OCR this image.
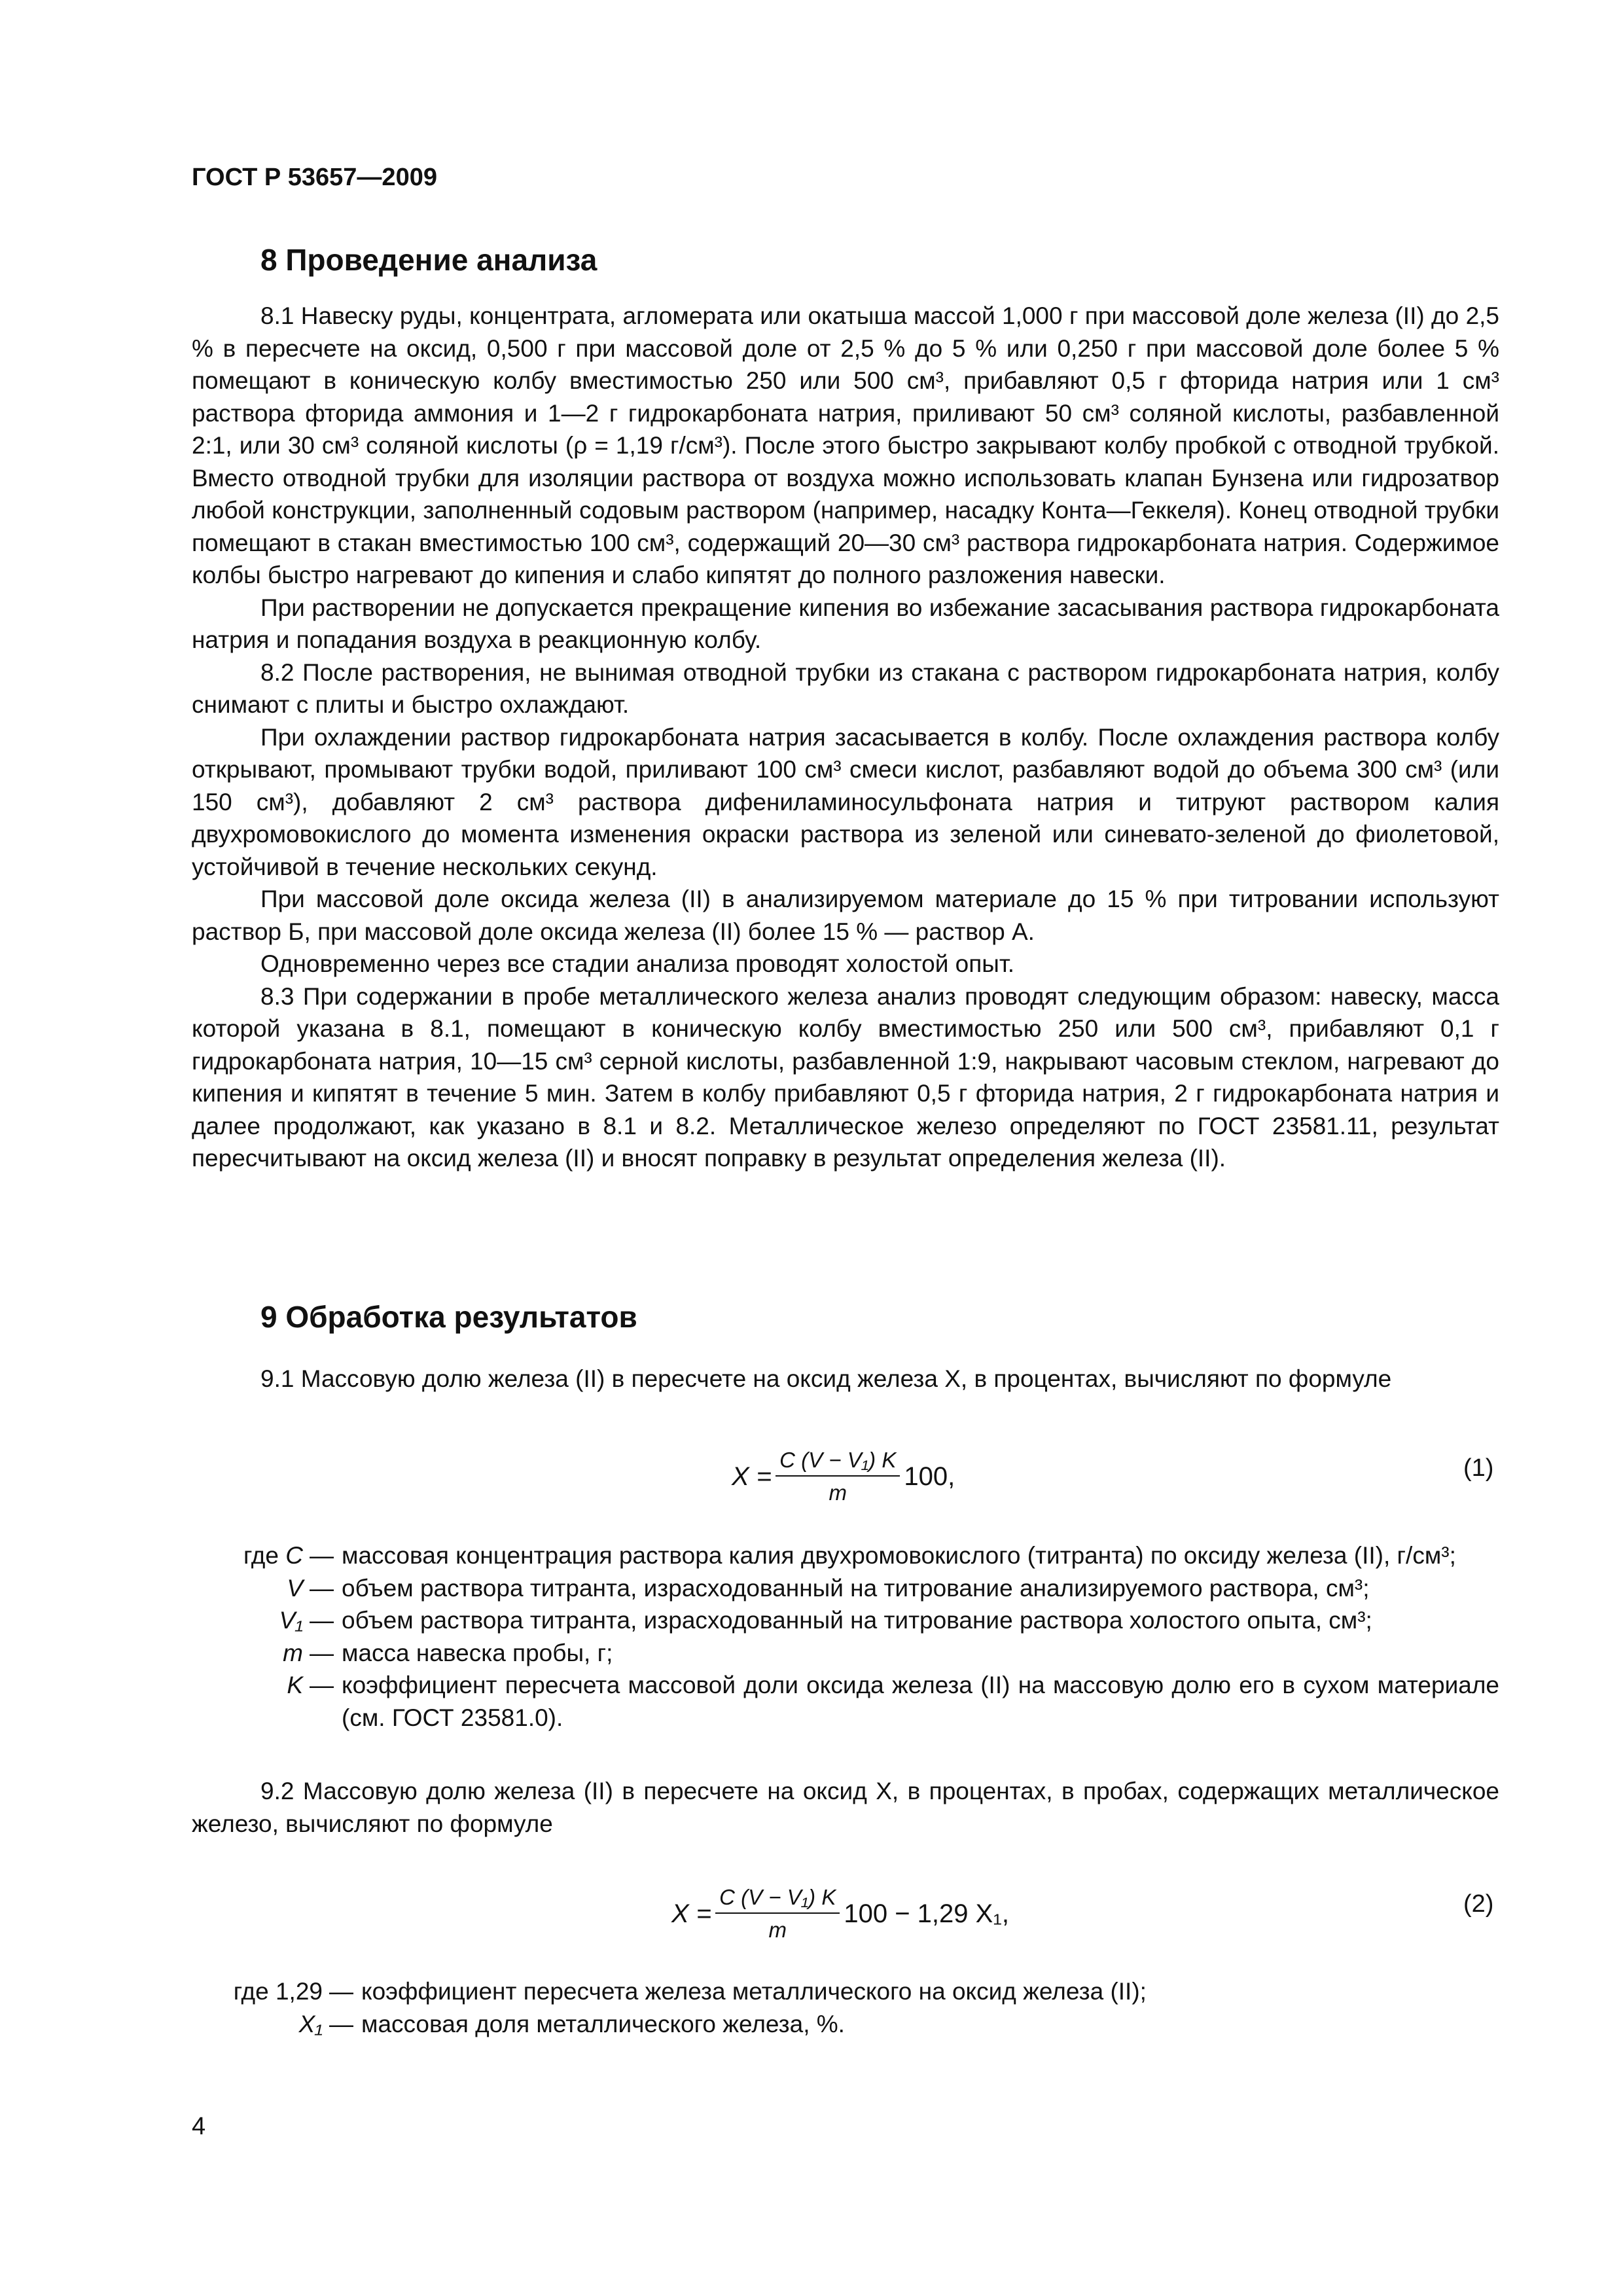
ГОСТ Р 53657—2009
8 Проведение анализа

8.1 Навеску руды, концентрата, агломерата или окатыша массой 1,000 г при массовой доле железа (II) до 2,5 % в пересчете на оксид, 0,500 г при массовой доле от 2,5 % до 5 % или 0,250 г при массовой доле более 5 % помещают в коническую колбу вместимостью 250 или 500 см³, прибавляют 0,5 г фторида натрия или 1 см³ раствора фторида аммония и 1—2 г гидрокарбоната натрия, приливают 50 см³ соляной кислоты, разбавленной 2:1, или 30 см³ соляной кислоты (ρ = 1,19 г/см³). После этого быстро закрывают колбу пробкой с отводной трубкой. Вместо отводной трубки для изоляции раствора от воздуха можно использовать клапан Бунзена или гидрозатвор любой конструкции, заполненный содовым раствором (например, насадку Конта—Геккеля). Конец отводной трубки помещают в стакан вместимостью 100 см³, содержащий 20—30 см³ раствора гидрокарбоната натрия. Содержимое колбы быстро нагревают до кипения и слабо кипятят до полного разложения навески.

При растворении не допускается прекращение кипения во избежание засасывания раствора гидрокарбоната натрия и попадания воздуха в реакционную колбу.

8.2 После растворения, не вынимая отводной трубки из стакана с раствором гидрокарбоната натрия, колбу снимают с плиты и быстро охлаждают.

При охлаждении раствор гидрокарбоната натрия засасывается в колбу. После охлаждения раствора колбу открывают, промывают трубки водой, приливают 100 см³ смеси кислот, разбавляют водой до объема 300 см³ (или 150 см³), добавляют 2 см³ раствора дифениламиносульфоната натрия и титруют раствором калия двухромовокислого до момента изменения окраски раствора из зеленой или синевато-зеленой до фиолетовой, устойчивой в течение нескольких секунд.

При массовой доле оксида железа (II) в анализируемом материале до 15 % при титровании используют раствор Б, при массовой доле оксида железа (II) более 15 % — раствор А.

Одновременно через все стадии анализа проводят холостой опыт.

8.3 При содержании в пробе металлического железа анализ проводят следующим образом: навеску, масса которой указана в 8.1, помещают в коническую колбу вместимостью 250 или 500 см³, прибавляют 0,1 г гидрокарбоната натрия, 10—15 см³ серной кислоты, разбавленной 1:9, накрывают часовым стеклом, нагревают до кипения и кипятят в течение 5 мин. Затем в колбу прибавляют 0,5 г фторида натрия, 2 г гидрокарбоната натрия и далее продолжают, как указано в 8.1 и 8.2. Металлическое железо определяют по ГОСТ 23581.11, результат пересчитывают на оксид железа (II) и вносят поправку в результат определения железа (II).

9 Обработка результатов

9.1 Массовую долю железа (II) в пересчете на оксид железа X, в процентах, вычисляют по формуле

$X = \frac{\text{C (V − V₁) K}}{m} 100$,	(1)
где C — массовая концентрация раствора калия двухромовокислого (титранта) по оксиду железа (II), г/см³;
V — объем раствора титранта, израсходованный на титрование анализируемого раствора, см³;
V₁ — объем раствора титранта, израсходованный на титрование раствора холостого опыта, см³;
m — масса навеска пробы, г;
K — коэффициент пересчета массовой доли оксида железа (II) на массовую долю его в сухом материале (см. ГОСТ 23581.0).

9.2 Массовую долю железа (II) в пересчете на оксид X, в процентах, в пробах, содержащих металлическое железо, вычисляют по формуле

$X = \frac{\text{C (V − V₁) K}}{m} 100 - 1,29$ X₁,	(2)
где 1,29 — коэффициент пересчета железа металлического на оксид железа (II);
X₁ — массовая доля металлического железа, %.
4
